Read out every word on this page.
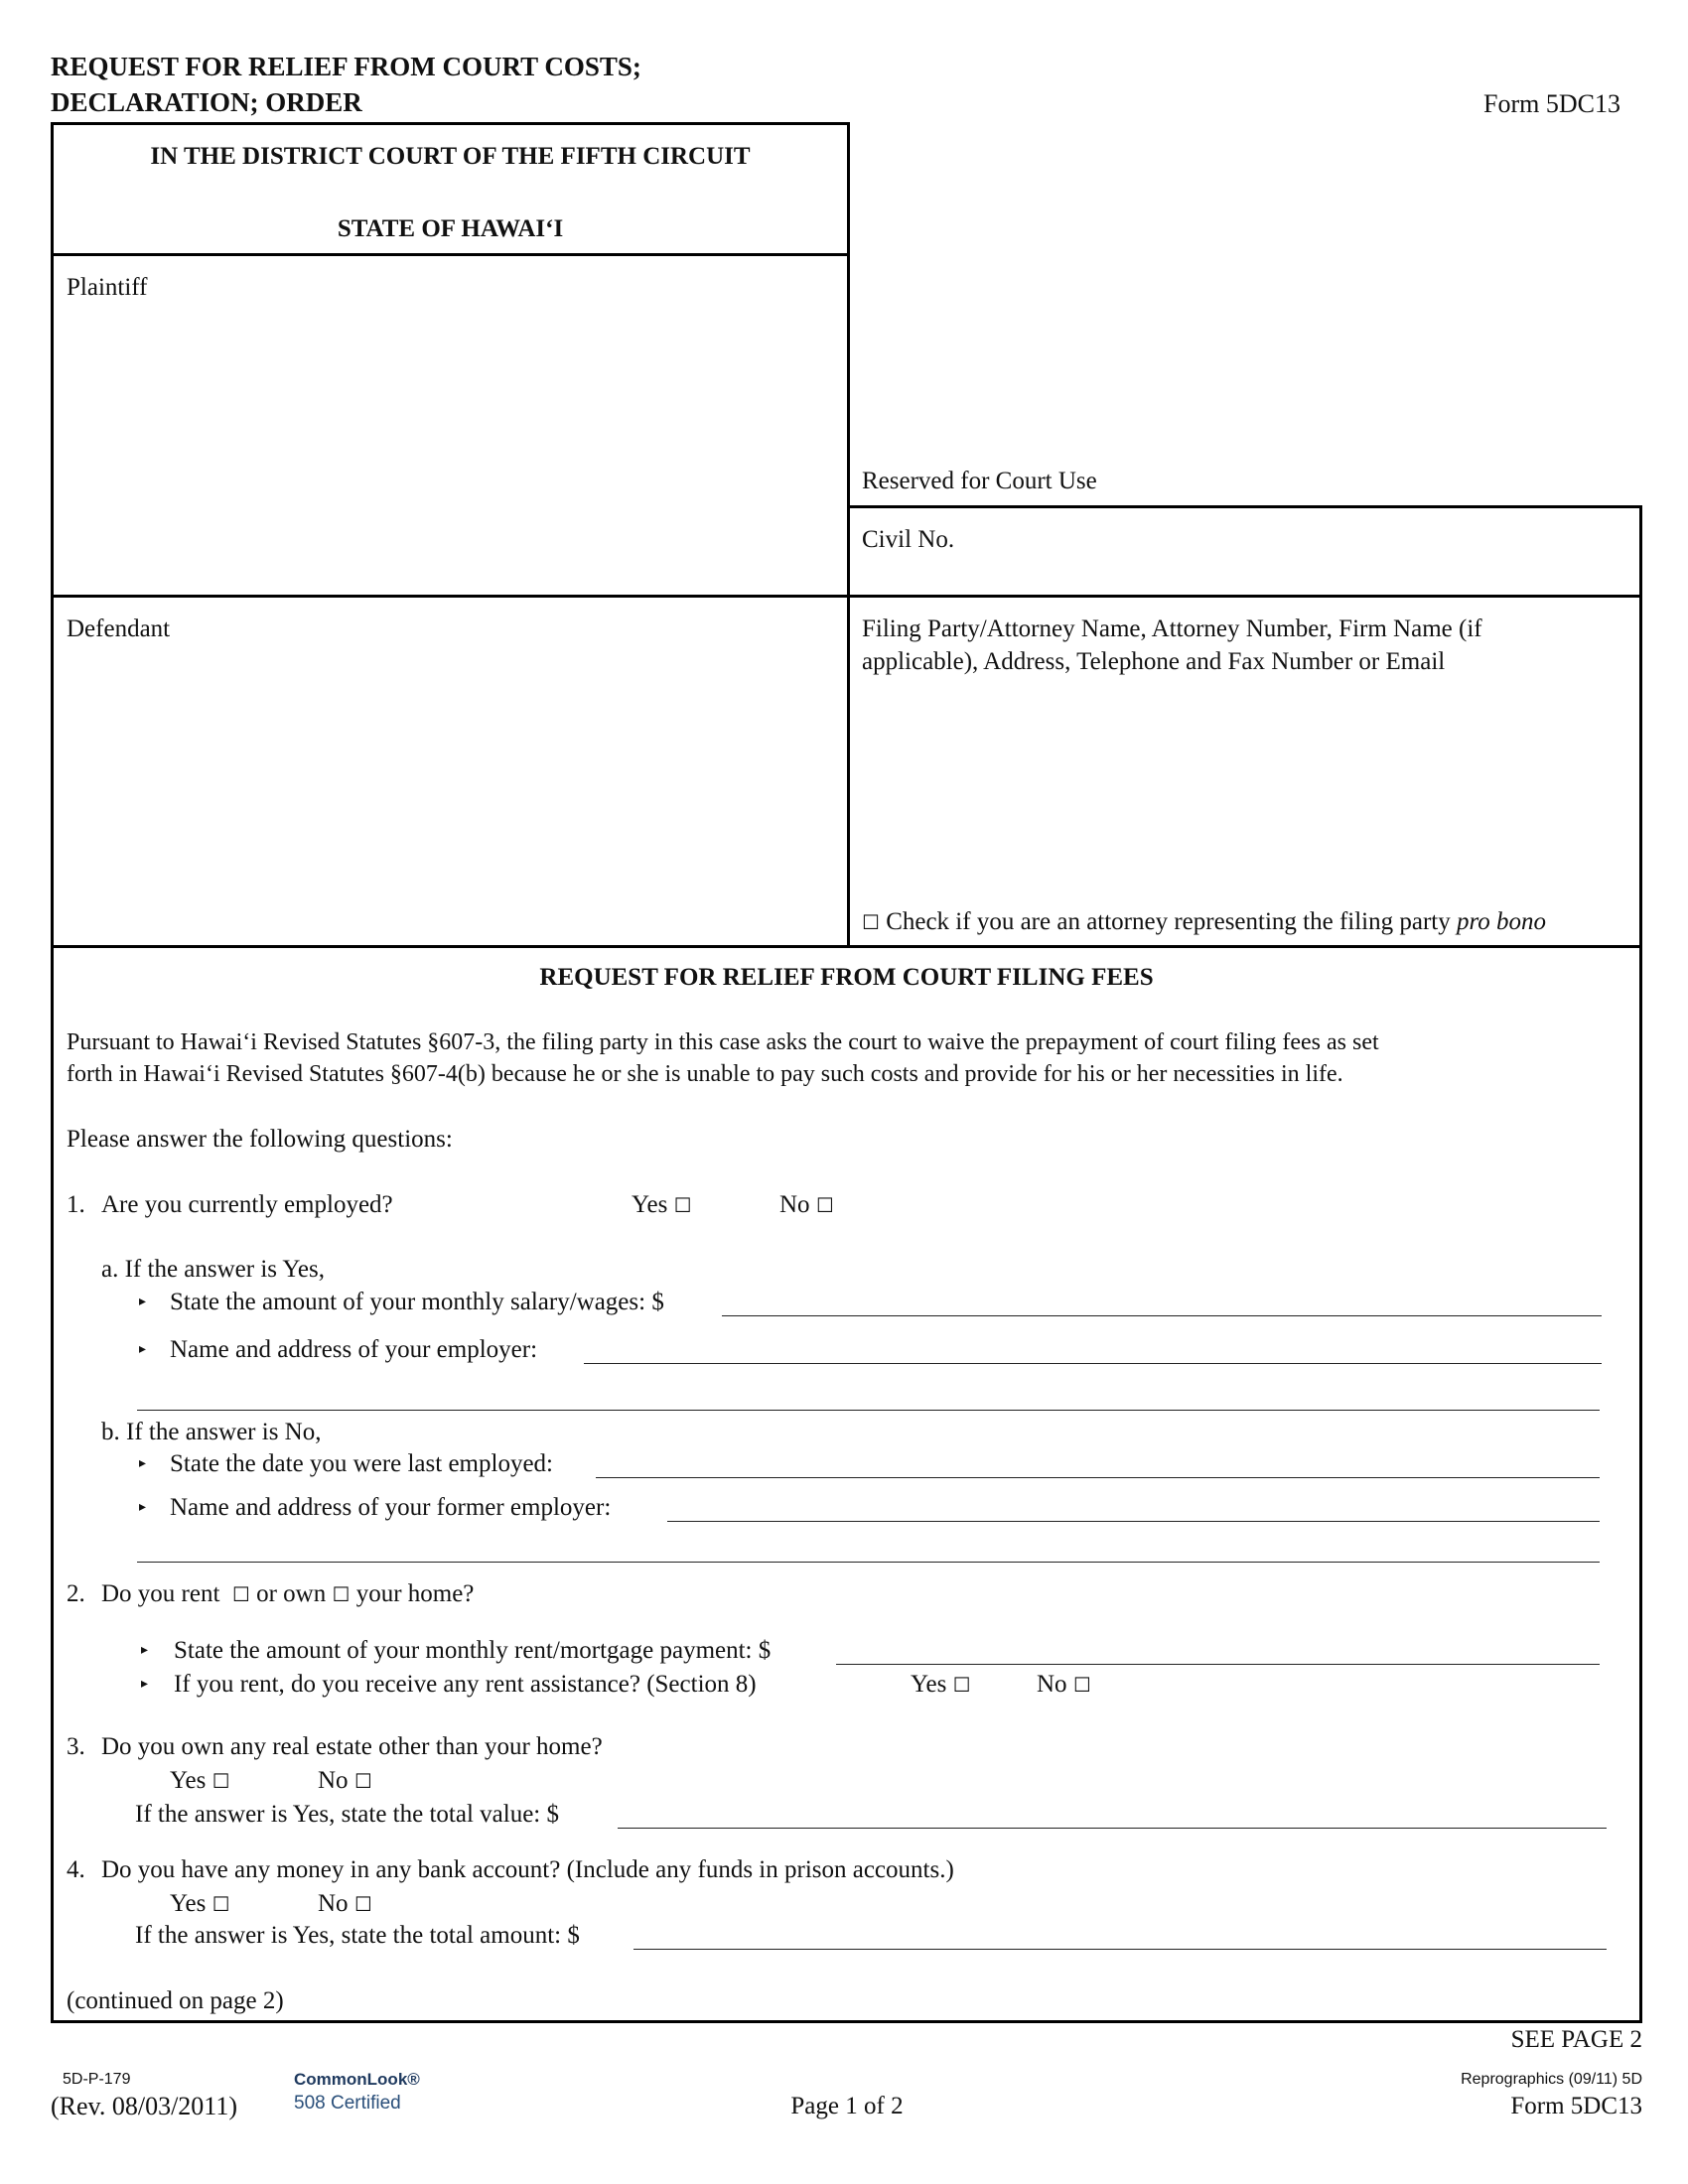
REQUEST FOR RELIEF FROM COURT COSTS;
DECLARATION; ORDER	Form 5DC13
IN THE DISTRICT COURT OF THE FIFTH CIRCUIT
STATE OF HAWAI‘I
Plaintiff
Defendant
Reserved for Court Use
Civil No.
Filing Party/Attorney Name, Attorney Number, Firm Name (if
applicable), Address, Telephone and Fax Number or Email
☐ Check if you are an attorney representing the filing party pro bono
REQUEST FOR RELIEF FROM COURT FILING FEES
Pursuant to Hawai‘i Revised Statutes §607-3, the filing party in this case asks the court to waive the prepayment of court filing fees as set
forth in Hawai‘i Revised Statutes §607-4(b) because he or she is unable to pay such costs and provide for his or her necessities in life.
Please answer the following questions:
1. Are you currently employed?	Yes ☐	No ☐
a. If the answer is Yes,
▸ State the amount of your monthly salary/wages: $
▸ Name and address of your employer:
b. If the answer is No,
▸ State the date you were last employed:
▸ Name and address of your former employer:
2. Do you rent ☐ or own ☐ your home?
▸ State the amount of your monthly rent/mortgage payment: $
▸ If you rent, do you receive any rent assistance? (Section 8)	Yes ☐	No ☐
3. Do you own any real estate other than your home?
Yes ☐	No ☐
If the answer is Yes, state the total value: $
4. Do you have any money in any bank account? (Include any funds in prison accounts.)
Yes ☐	No ☐
If the answer is Yes, state the total amount: $
(continued on page 2)
SEE PAGE 2
5D-P-179
(Rev. 08/03/2011)
CommonLook®
508 Certified	Page 1 of 2
Reprographics (09/11) 5D
Form 5DC13
